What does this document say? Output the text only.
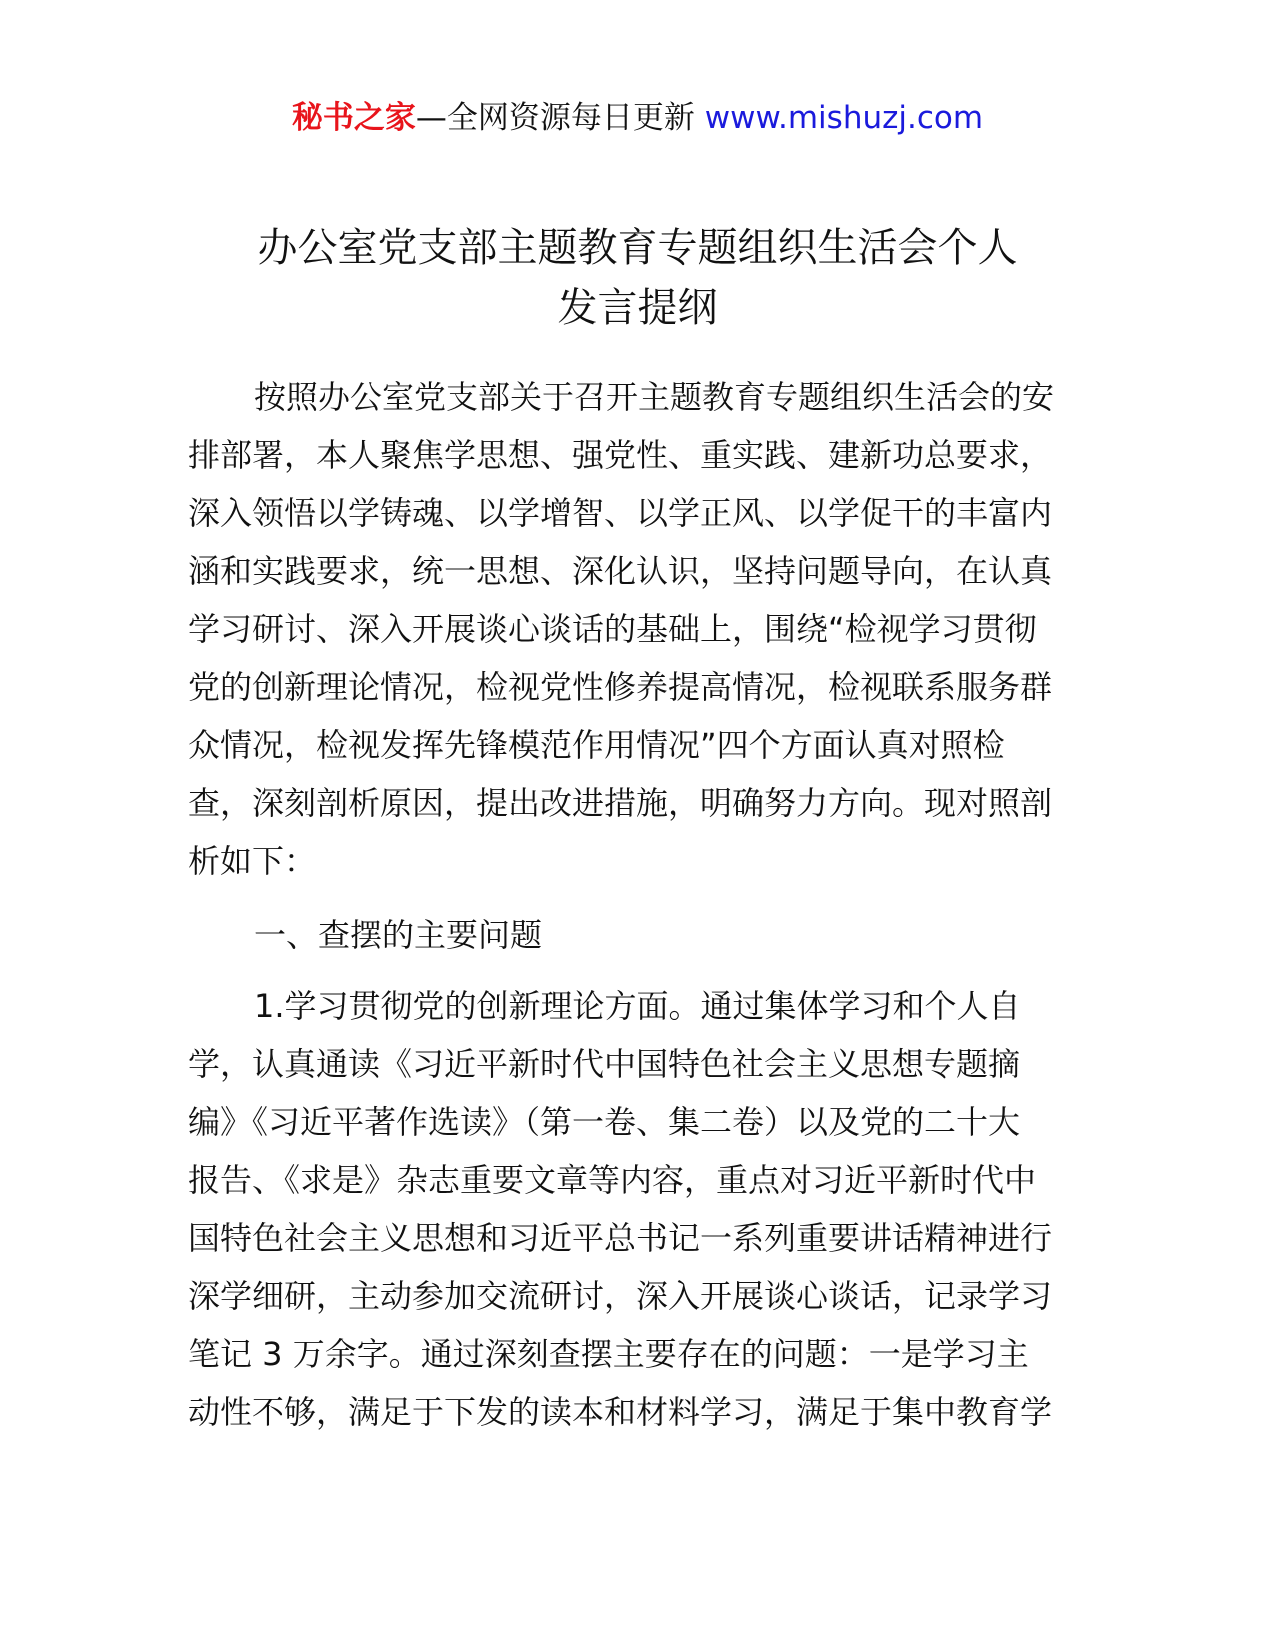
秘书之家—全网资源每日更新 www.mishuzj.com
办公室党支部主题教育专题组织生活会个人
发言提纲
按照办公室党支部关于召开主题教育专题组织生活会的安
排部署，本人聚焦学思想、强党性、重实践、建新功总要求，
深入领悟以学铸魂、以学增智、以学正风、以学促干的丰富内
涵和实践要求，统一思想、深化认识，坚持问题导向，在认真
学习研讨、深入开展谈心谈话的基础上，围绕“检视学习贯彻
党的创新理论情况，检视党性修养提高情况，检视联系服务群
众情况，检视发挥先锋模范作用情况”四个方面认真对照检
查，深刻剖析原因，提出改进措施，明确努力方向。现对照剖
析如下：
一、查摆的主要问题
1.学习贯彻党的创新理论方面。通过集体学习和个人自
学，认真通读《习近平新时代中国特色社会主义思想专题摘
编》《习近平著作选读》（第一卷、集二卷）以及党的二十大
报告、《求是》杂志重要文章等内容，重点对习近平新时代中
国特色社会主义思想和习近平总书记一系列重要讲话精神进行
深学细研，主动参加交流研讨，深入开展谈心谈话，记录学习
笔记 3 万余字。通过深刻查摆主要存在的问题：一是学习主
动性不够，满足于下发的读本和材料学习，满足于集中教育学
